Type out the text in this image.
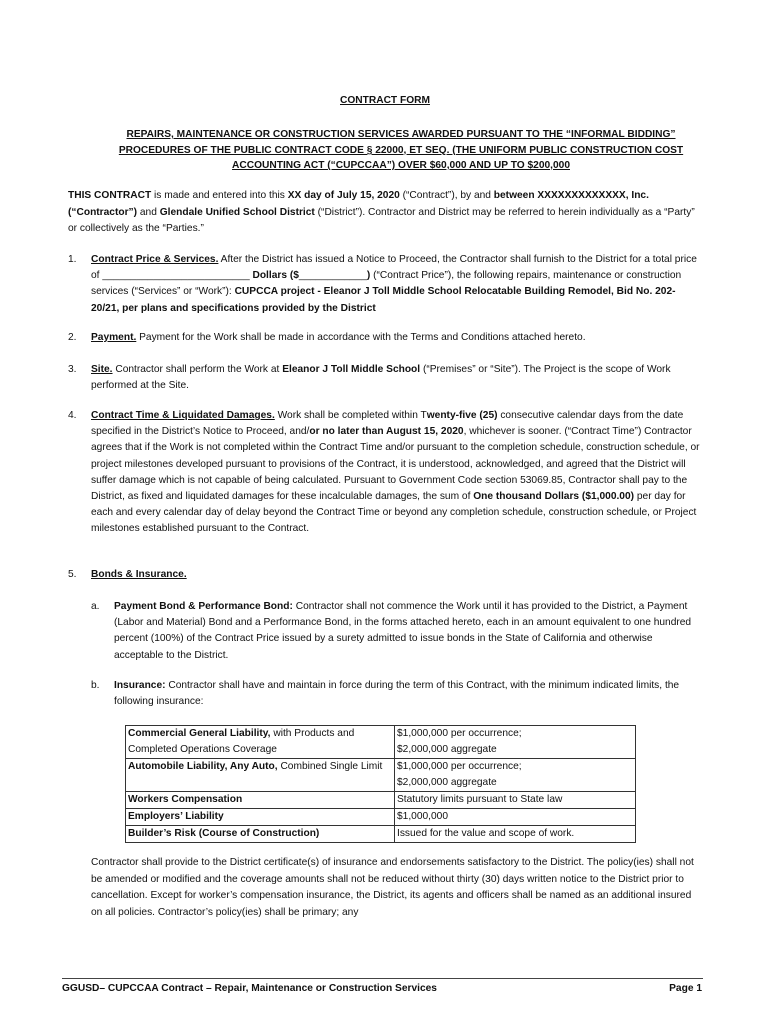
CONTRACT FORM
REPAIRS, MAINTENANCE OR CONSTRUCTION SERVICES AWARDED PURSUANT TO THE “INFORMAL BIDDING” PROCEDURES OF THE PUBLIC CONTRACT CODE § 22000, ET SEQ. (THE UNIFORM PUBLIC CONSTRUCTION COST ACCOUNTING ACT (“CUPCCAA”) OVER $60,000 AND UP TO $200,000
THIS CONTRACT is made and entered into this XX day of July 15, 2020 (“Contract”), by and between XXXXXXXXXXXXX, Inc. (“Contractor”) and Glendale Unified School District (“District”). Contractor and District may be referred to herein individually as a “Party” or collectively as the “Parties.”
1. Contract Price & Services. After the District has issued a Notice to Proceed, the Contractor shall furnish to the District for a total price of __________________________ Dollars ($____________) (“Contract Price”), the following repairs, maintenance or construction services (“Services” or “Work”): CUPCCA project - Eleanor J Toll Middle School Relocatable Building Remodel, Bid No. 202-20/21, per plans and specifications provided by the District
2. Payment. Payment for the Work shall be made in accordance with the Terms and Conditions attached hereto.
3. Site. Contractor shall perform the Work at Eleanor J Toll Middle School (“Premises” or “Site”). The Project is the scope of Work performed at the Site.
4. Contract Time & Liquidated Damages. Work shall be completed within Twenty-five (25) consecutive calendar days from the date specified in the District’s Notice to Proceed, and/or no later than August 15, 2020, whichever is sooner. (“Contract Time”) Contractor agrees that if the Work is not completed within the Contract Time and/or pursuant to the completion schedule, construction schedule, or project milestones developed pursuant to provisions of the Contract, it is understood, acknowledged, and agreed that the District will suffer damage which is not capable of being calculated. Pursuant to Government Code section 53069.85, Contractor shall pay to the District, as fixed and liquidated damages for these incalculable damages, the sum of One thousand Dollars ($1,000.00) per day for each and every calendar day of delay beyond the Contract Time or beyond any completion schedule, construction schedule, or Project milestones established pursuant to the Contract.
5. Bonds & Insurance.
a. Payment Bond & Performance Bond: Contractor shall not commence the Work until it has provided to the District, a Payment (Labor and Material) Bond and a Performance Bond, in the forms attached hereto, each in an amount equivalent to one hundred percent (100%) of the Contract Price issued by a surety admitted to issue bonds in the State of California and otherwise acceptable to the District.
b. Insurance: Contractor shall have and maintain in force during the term of this Contract, with the minimum indicated limits, the following insurance:
Commercial General Liability, with Products and Completed Operations Coverage	$1,000,000 per occurrence;
$2,000,000 aggregate
Automobile Liability, Any Auto, Combined Single Limit	$1,000,000 per occurrence;
$2,000,000 aggregate
Workers Compensation	Statutory limits pursuant to State law
Employers’ Liability	$1,000,000
Builder’s Risk (Course of Construction)	Issued for the value and scope of work.
Contractor shall provide to the District certificate(s) of insurance and endorsements satisfactory to the District. The policy(ies) shall not be amended or modified and the coverage amounts shall not be reduced without thirty (30) days written notice to the District prior to cancellation. Except for worker’s compensation insurance, the District, its agents and officers shall be named as an additional insured on all policies. Contractor’s policy(ies) shall be primary; any
GGUSD– CUPCCAA Contract – Repair, Maintenance or Construction Services	Page 1
